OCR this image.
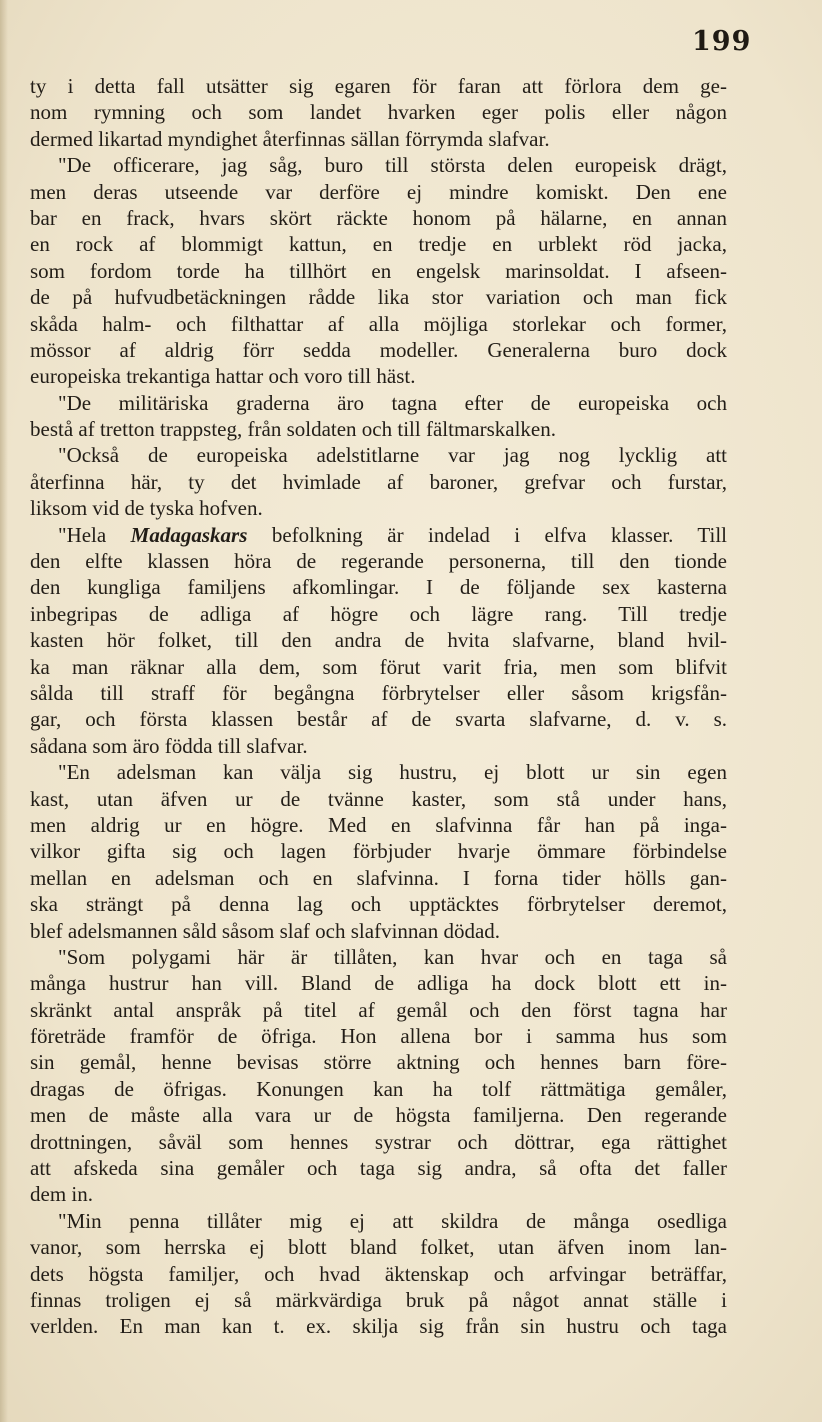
199
ty i detta fall utsätter sig egaren för faran att förlora dem ge-
nom rymning och som landet hvarken eger polis eller någon
dermed likartad myndighet återfinnas sällan förrymda slafvar.
"De officerare, jag såg, buro till största delen europeisk drägt,
men deras utseende var derföre ej mindre komiskt. Den ene
bar en frack, hvars skört räckte honom på hälarne, en annan
en rock af blommigt kattun, en tredje en urblekt röd jacka,
som fordom torde ha tillhört en engelsk marinsoldat. I afseen-
de på hufvudbetäckningen rådde lika stor variation och man fick
skåda halm- och filthattar af alla möjliga storlekar och former,
mössor af aldrig förr sedda modeller. Generalerna buro dock
europeiska trekantiga hattar och voro till häst.
"De militäriska graderna äro tagna efter de europeiska och
bestå af tretton trappsteg, från soldaten och till fältmarskalken.
"Också de europeiska adelstitlarne var jag nog lycklig att
återfinna här, ty det hvimlade af baroner, grefvar och furstar,
liksom vid de tyska hofven.
"Hela Madagaskars befolkning är indelad i elfva klasser. Till
den elfte klassen höra de regerande personerna, till den tionde
den kungliga familjens afkomlingar. I de följande sex kasterna
inbegripas de adliga af högre och lägre rang. Till tredje
kasten hör folket, till den andra de hvita slafvarne, bland hvil-
ka man räknar alla dem, som förut varit fria, men som blifvit
sålda till straff för begångna förbrytelser eller såsom krigsfån-
gar, och första klassen består af de svarta slafvarne, d. v. s.
sådana som äro födda till slafvar.
"En adelsman kan välja sig hustru, ej blott ur sin egen
kast, utan äfven ur de tvänne kaster, som stå under hans,
men aldrig ur en högre. Med en slafvinna får han på inga-
vilkor gifta sig och lagen förbjuder hvarje ömmare förbindelse
mellan en adelsman och en slafvinna. I forna tider hölls gan-
ska strängt på denna lag och upptäcktes förbrytelser deremot,
blef adelsmannen såld såsom slaf och slafvinnan dödad.
"Som polygami här är tillåten, kan hvar och en taga så
många hustrur han vill. Bland de adliga ha dock blott ett in-
skränkt antal anspråk på titel af gemål och den först tagna har
företräde framför de öfriga. Hon allena bor i samma hus som
sin gemål, henne bevisas större aktning och hennes barn före-
dragas de öfrigas. Konungen kan ha tolf rättmätiga gemåler,
men de måste alla vara ur de högsta familjerna. Den regerande
drottningen, såväl som hennes systrar och döttrar, ega rättighet
att afskeda sina gemåler och taga sig andra, så ofta det faller
dem in.
"Min penna tillåter mig ej att skildra de många osedliga
vanor, som herrska ej blott bland folket, utan äfven inom lan-
dets högsta familjer, och hvad äktenskap och arfvingar beträffar,
finnas troligen ej så märkvärdiga bruk på något annat ställe i
verlden. En man kan t. ex. skilja sig från sin hustru och taga
